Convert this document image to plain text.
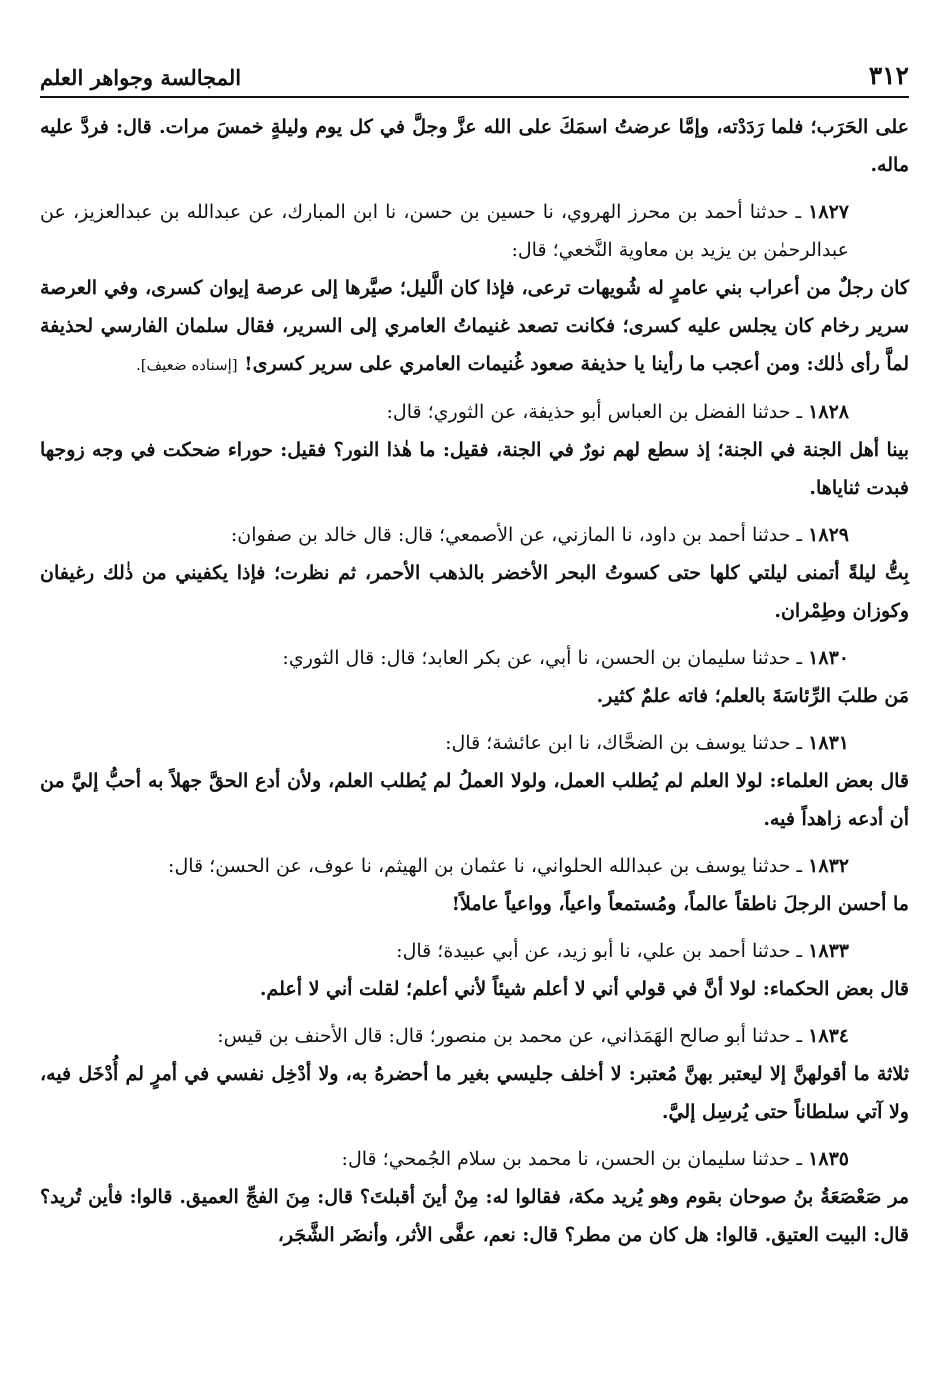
٣١٢
المجالسة وجواهر العلم

على الحَرَب؛ فلما رَدَدْته، وإمَّا عرضتُ اسمَكَ على الله عزَّ وجلَّ في كل يوم وليلةٍ خمسَ مرات. قال: فردَّ عليه ماله.

١٨٢٧ ـ حدثنا أحمد بن محرز الهروي، نا حسين بن حسن، نا ابن المبارك، عن عبدالله بن عبدالعزيز، عن عبدالرحمٰن بن يزيد بن معاوية النَّخعي؛ قال:

كان رجلٌ من أعراب بني عامرٍ له شُويهات ترعى، فإذا كان الَّليل؛ صيَّرها إلى عرصة إيوان كسرى، وفي العرصة سرير رخام كان يجلس عليه كسرى؛ فكانت تصعد غنيماتُ العامري إلى السرير، فقال سلمان الفارسي لحذيفة لماَّ رأى ذٰلك: ومن أعجب ما رأينا يا حذيفة صعود غُنيمات العامري على سرير كسرى! [إسناده ضعيف].

١٨٢٨ ـ حدثنا الفضل بن العباس أبو حذيفة، عن الثوري؛ قال:

بينا أهل الجنة في الجنة؛ إذ سطع لهم نورٌ في الجنة، فقيل: ما هٰذا النور؟ فقيل: حوراء ضحكت في وجه زوجها فبدت ثناياها.

١٨٢٩ ـ حدثنا أحمد بن داود، نا المازني، عن الأصمعي؛ قال: قال خالد بن صفوان:

بِتُّ ليلةً أتمنى ليلتي كلها حتى كسوتُ البحر الأخضر بالذهب الأحمر، ثم نظرت؛ فإذا يكفيني من ذٰلك رغيفان وكوزان وطِمْران.

١٨٣٠ ـ حدثنا سليمان بن الحسن، نا أبي، عن بكر العابد؛ قال: قال الثوري:

مَن طلبَ الرِّئاسَةَ بالعلم؛ فاته علمٌ كثير.

١٨٣١ ـ حدثنا يوسف بن الضحَّاك، نا ابن عائشة؛ قال:

قال بعض العلماء: لولا العلم لم يُطلب العمل، ولولا العملُ لم يُطلب العلم، ولأن أدع الحقَّ جهلاً به أحبُّ إليَّ من أن أدعه زاهداً فيه.

١٨٣٢ ـ حدثنا يوسف بن عبدالله الحلواني، نا عثمان بن الهيثم، نا عوف، عن الحسن؛ قال:

ما أحسن الرجلَ ناطقاً عالماً، ومُستمعاً واعياً، وواعياً عاملاً!

١٨٣٣ ـ حدثنا أحمد بن علي، نا أبو زيد، عن أبي عبيدة؛ قال:

قال بعض الحكماء: لولا أنَّ في قولي أني لا أعلم شيئاً لأني أعلم؛ لقلت أني لا أعلم.

١٨٣٤ ـ حدثنا أبو صالح الهَمَذاني، عن محمد بن منصور؛ قال: قال الأحنف بن قيس:

ثلاثة ما أقولهنَّ إلا ليعتبر بهنَّ مُعتبر: لا أخلف جليسي بغير ما أحضرهُ به، ولا أدْخِل نفسي في أمرٍ لم أُدْخَل فيه، ولا آتي سلطاناً حتى يُرسِل إليَّ.

١٨٣٥ ـ حدثنا سليمان بن الحسن، نا محمد بن سلام الجُمحي؛ قال:

مر صَعْصَعَةُ بنُ صوحان بقوم وهو يُريد مكة، فقالوا له: مِنْ أينَ أقبلتَ؟ قال: مِنَ الفجِّ العميق. قالوا: فأين تُريد؟ قال: البيت العتيق. قالوا: هل كان من مطر؟ قال: نعم، عفَّى الأثر، وأنضَر الشَّجَر،
